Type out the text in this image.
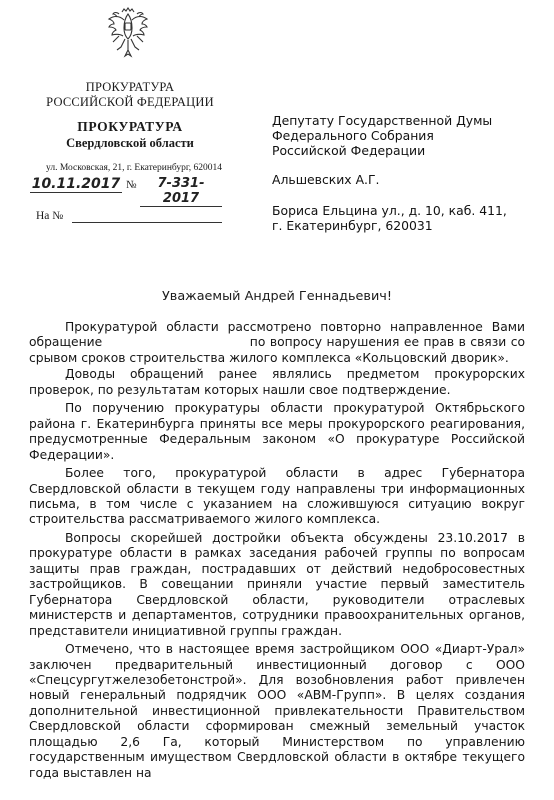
ПРОКУРАТУРА
РОССИЙСКОЙ ФЕДЕРАЦИИ
ПРОКУРАТУРА
Свердловской области
ул. Московская, 21, г. Екатеринбург, 620014
10.11.2017 №	7-331-2017
На №
Депутату Государственной Думы
Федерального Собрания
Российской Федерации
Альшевских А.Г.
Бориса Ельцина ул., д. 10, каб. 411,
г. Екатеринбург, 620031
Уважаемый Андрей Геннадьевич!

Прокуратурой области рассмотрено повторно направленное Вами обращение                                 по вопросу нарушения ее прав в связи со срывом сроков строительства жилого комплекса «Кольцовский дворик».

Доводы обращений ранее являлись предметом прокурорских проверок, по результатам которых нашли свое подтверждение.

По поручению прокуратуры области прокуратурой Октябрьского района г. Екатеринбурга приняты все меры прокурорского реагирования, предусмотренные Федеральным законом «О прокуратуре Российской Федерации».

Более того, прокуратурой области в адрес Губернатора Свердловской области в текущем году направлены три информационных письма, в том числе с указанием на сложившуюся ситуацию вокруг строительства рассматриваемого жилого комплекса.

Вопросы скорейшей достройки объекта обсуждены 23.10.2017 в прокуратуре области в рамках заседания рабочей группы по вопросам защиты прав граждан, пострадавших от действий недобросовестных застройщиков. В совещании приняли участие первый заместитель Губернатора Свердловской области, руководители отраслевых министерств и департаментов, сотрудники правоохранительных органов, представители инициативной группы граждан.

Отмечено, что в настоящее время застройщиком ООО «Диарт-Урал» заключен предварительный инвестиционный договор с ООО «Спецсургутжелезобетонстрой». Для возобновления работ привлечен новый генеральный подрядчик ООО «АВМ-Групп». В целях создания дополнительной инвестиционной привлекательности Правительством Свердловской области сформирован смежный земельный участок площадью 2,6 Га, который Министерством по управлению государственным имуществом Свердловской области в октябре текущего года выставлен на
